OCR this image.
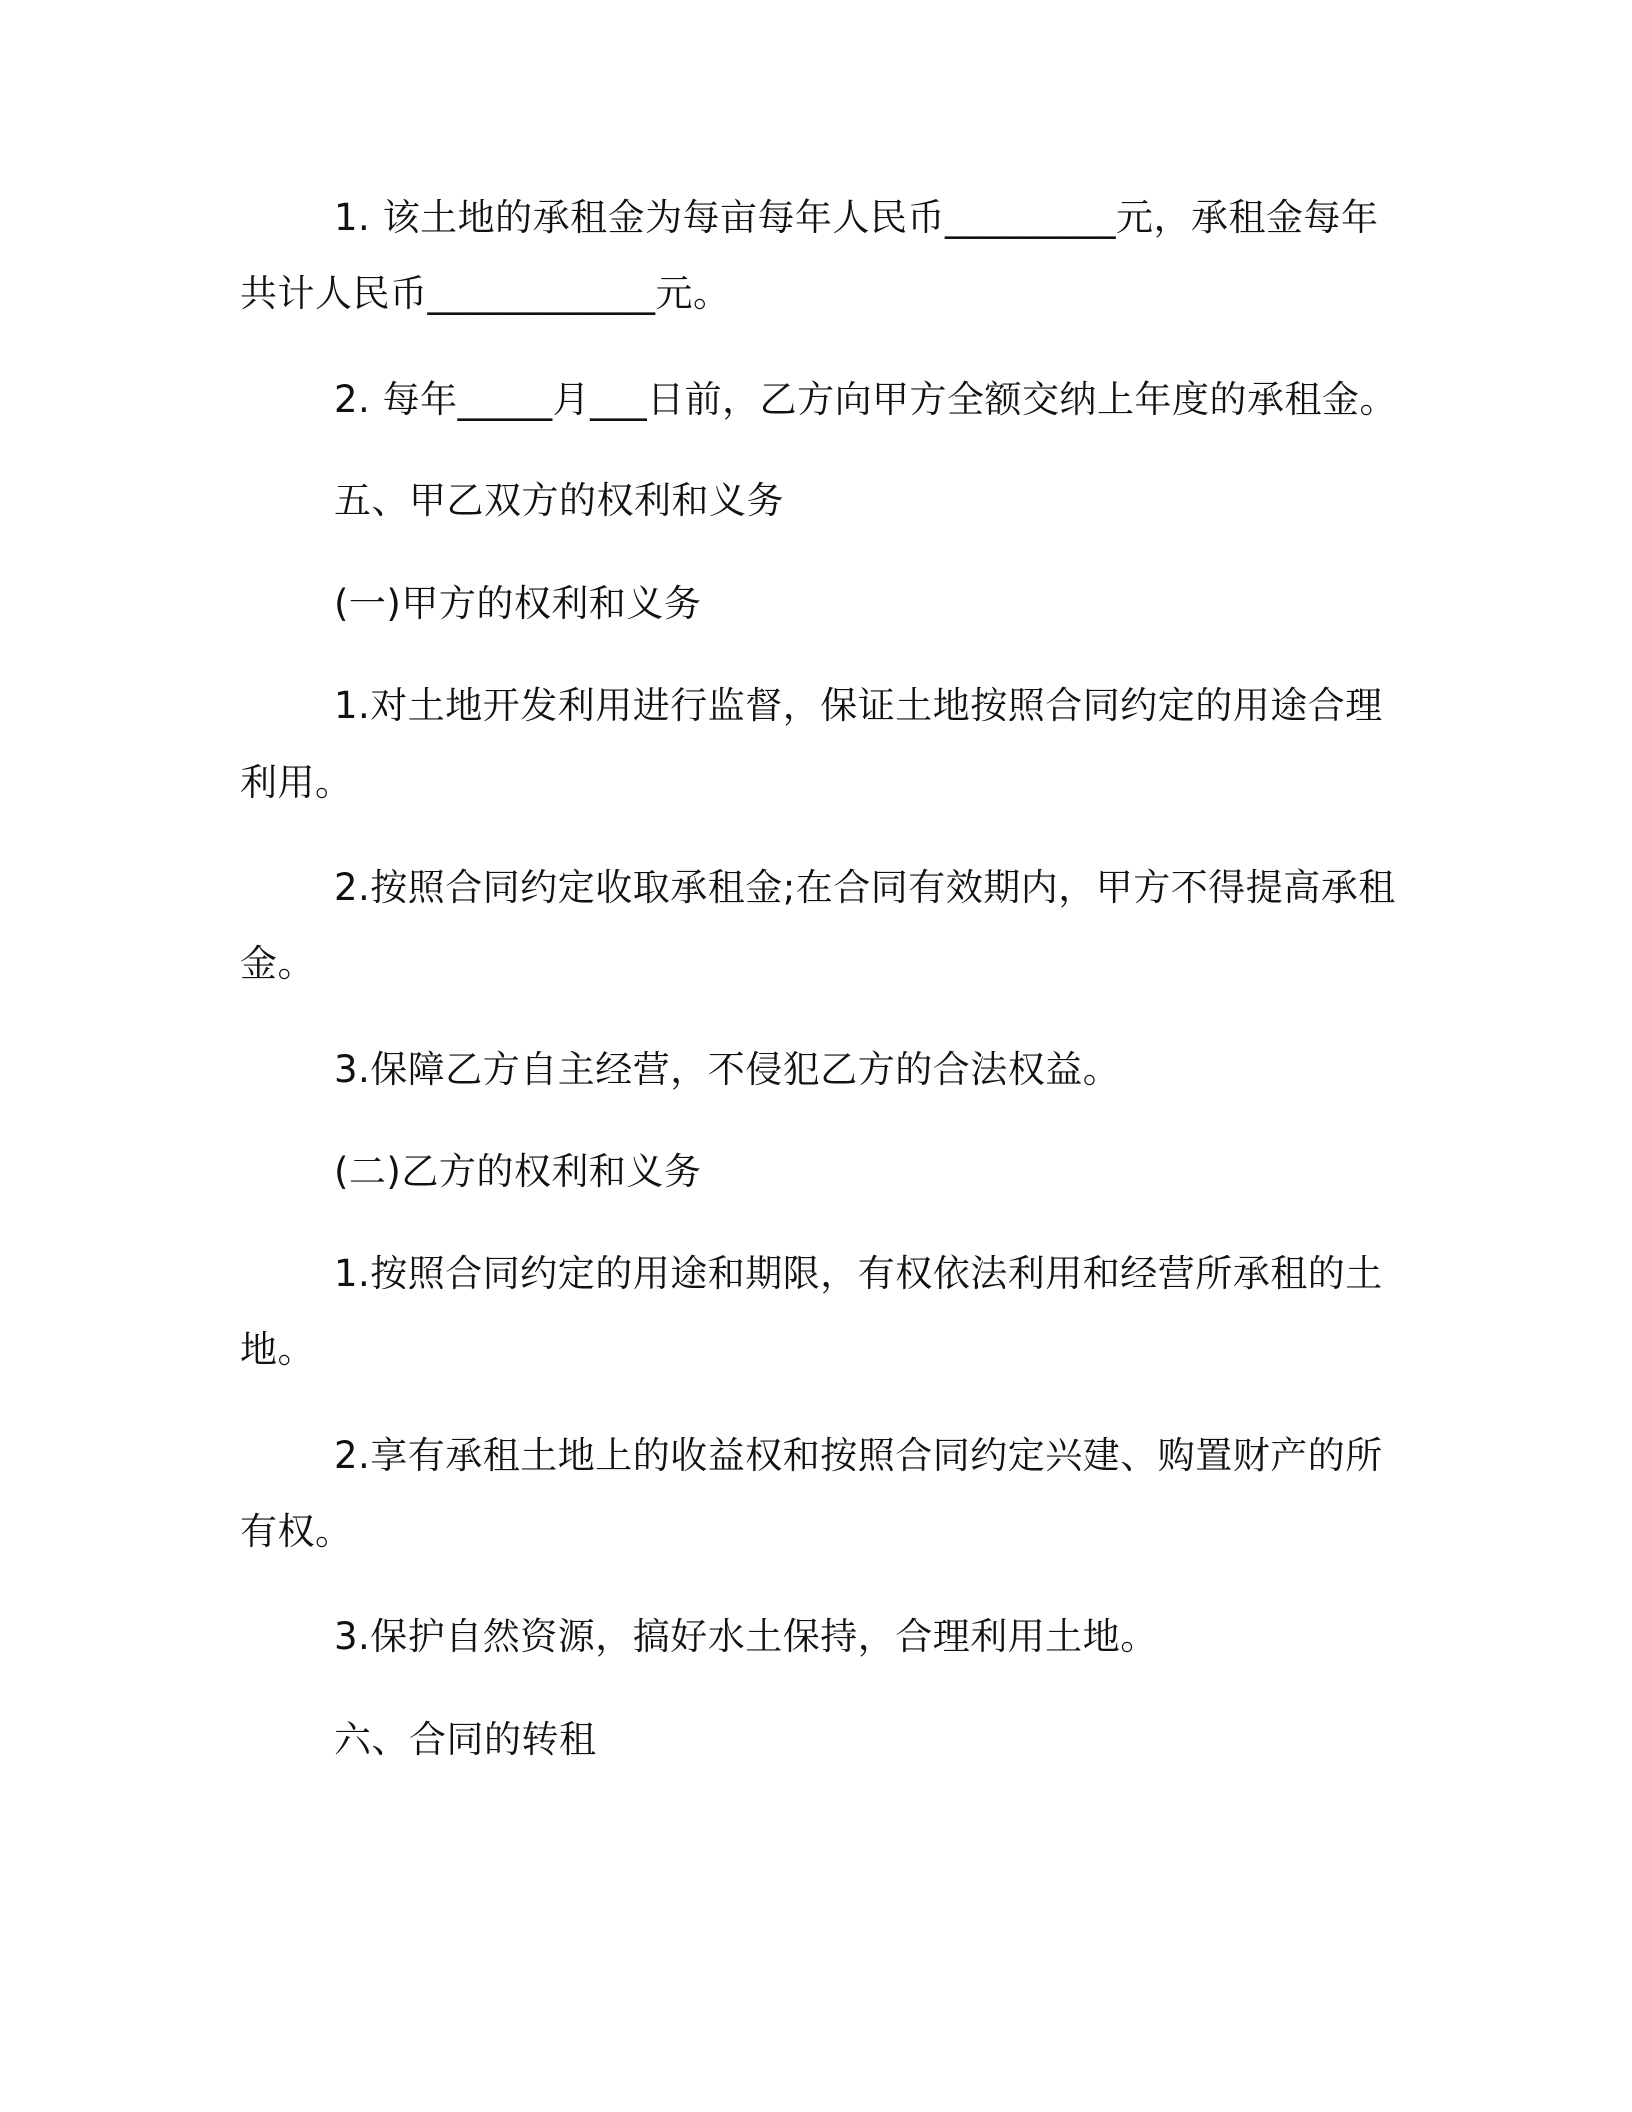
1. 该土地的承租金为每亩每年人民币_________元，承租金每年
共计人民币____________元。
2. 每年_____月___日前，乙方向甲方全额交纳上年度的承租金。
五、甲乙双方的权利和义务
(一)甲方的权利和义务
1.对土地开发利用进行监督，保证土地按照合同约定的用途合理
利用。
2.按照合同约定收取承租金;在合同有效期内，甲方不得提高承租
金。
3.保障乙方自主经营，不侵犯乙方的合法权益。
(二)乙方的权利和义务
1.按照合同约定的用途和期限，有权依法利用和经营所承租的土
地。
2.享有承租土地上的收益权和按照合同约定兴建、购置财产的所
有权。
3.保护自然资源，搞好水土保持，合理利用土地。
六、合同的转租
